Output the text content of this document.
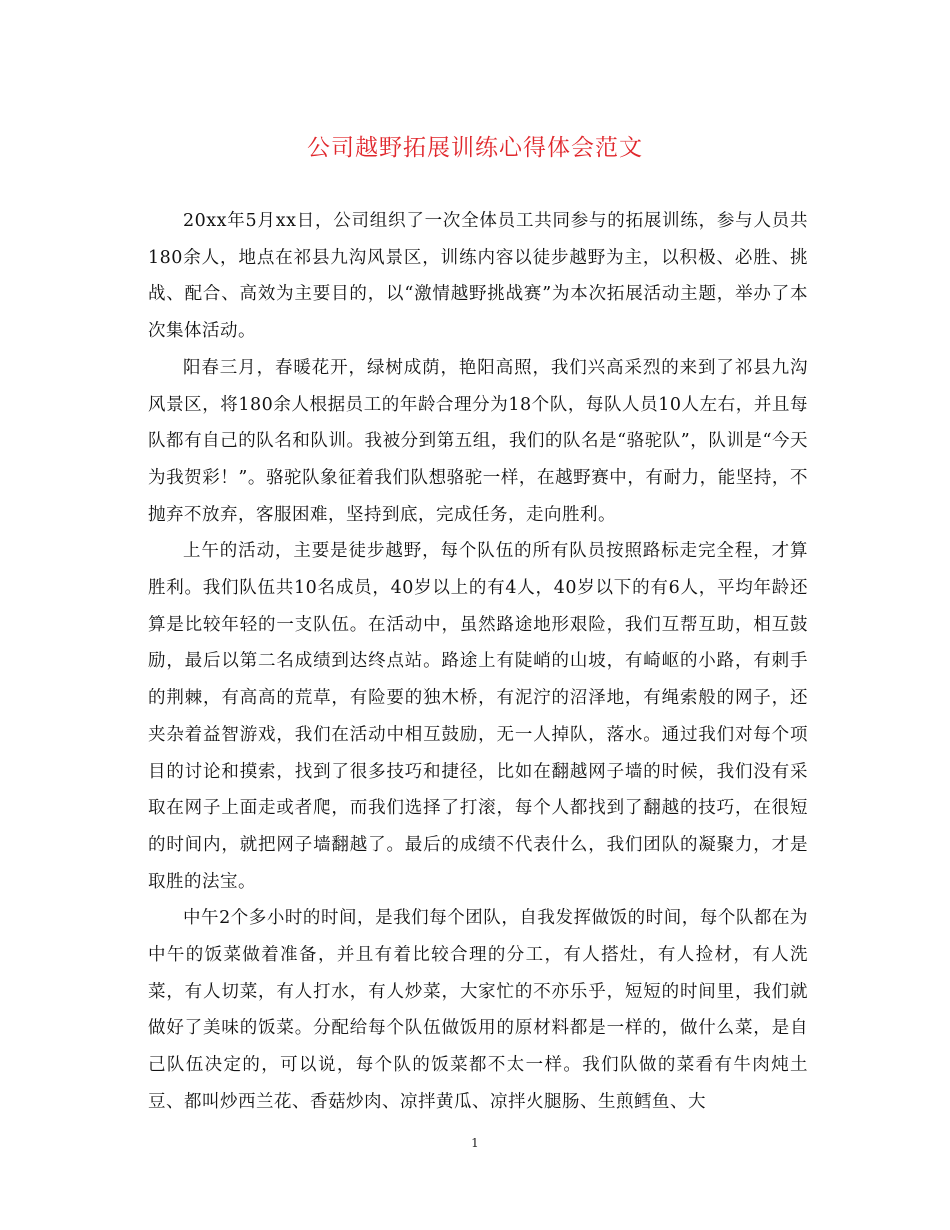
公司越野拓展训练心得体会范文

20xx年5月xx日，公司组织了一次全体员工共同参与的拓展训练，参与人员共180余人，地点在祁县九沟风景区，训练内容以徒步越野为主，以积极、必胜、挑战、配合、高效为主要目的，以“激情越野挑战赛”为本次拓展活动主题，举办了本次集体活动。

阳春三月，春暖花开，绿树成荫，艳阳高照，我们兴高采烈的来到了祁县九沟风景区，将180余人根据员工的年龄合理分为18个队，每队人员10人左右，并且每队都有自己的队名和队训。我被分到第五组，我们的队名是“骆驼队”，队训是“今天为我贺彩！”。骆驼队象征着我们队想骆驼一样，在越野赛中，有耐力，能坚持，不抛弃不放弃，客服困难，坚持到底，完成任务，走向胜利。

上午的活动，主要是徒步越野，每个队伍的所有队员按照路标走完全程，才算胜利。我们队伍共10名成员，40岁以上的有4人，40岁以下的有6人，平均年龄还算是比较年轻的一支队伍。在活动中，虽然路途地形艰险，我们互帮互助，相互鼓励，最后以第二名成绩到达终点站。路途上有陡峭的山坡，有崎岖的小路，有刺手的荆棘，有高高的荒草，有险要的独木桥，有泥泞的沼泽地，有绳索般的网子，还夹杂着益智游戏，我们在活动中相互鼓励，无一人掉队，落水。通过我们对每个项目的讨论和摸索，找到了很多技巧和捷径，比如在翻越网子墙的时候，我们没有采取在网子上面走或者爬，而我们选择了打滚，每个人都找到了翻越的技巧，在很短的时间内，就把网子墙翻越了。最后的成绩不代表什么，我们团队的凝聚力，才是取胜的法宝。

中午2个多小时的时间，是我们每个团队，自我发挥做饭的时间，每个队都在为中午的饭菜做着准备，并且有着比较合理的分工，有人搭灶，有人捡材，有人洗菜，有人切菜，有人打水，有人炒菜，大家忙的不亦乐乎，短短的时间里，我们就做好了美味的饭菜。分配给每个队伍做饭用的原材料都是一样的，做什么菜，是自己队伍决定的，可以说，每个队的饭菜都不太一样。我们队做的菜看有牛肉炖土豆、都叫炒西兰花、香菇炒肉、凉拌黄瓜、凉拌火腿肠、生煎鳕鱼、大

1
